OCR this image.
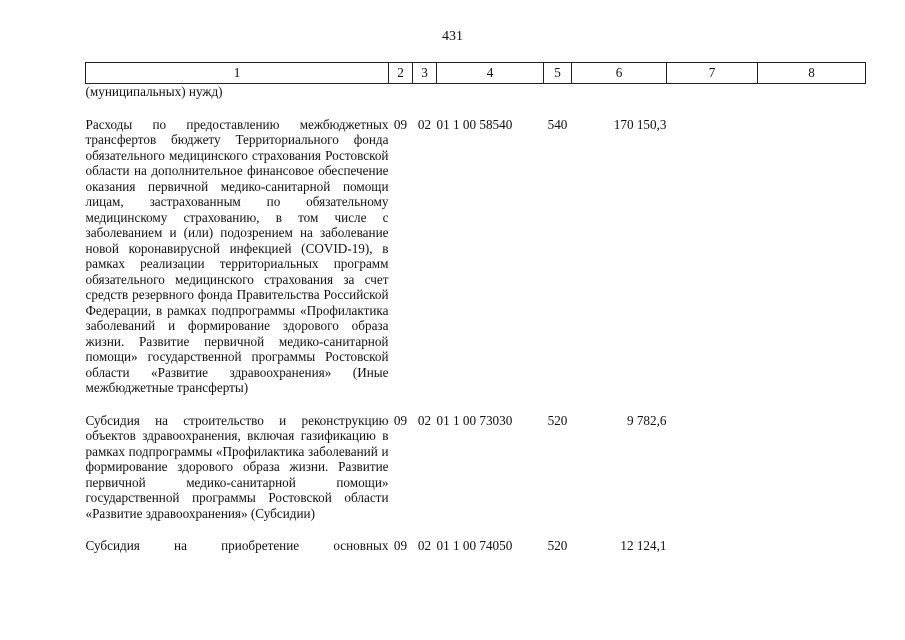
431
1	2	3	4	5	6	7	8
(муниципальных) нужд)							

Расходы по предоставлению межбюджетных трансфертов бюджету Территориального фонда обязательного медицинского страхования Ростовской области на дополнительное финансовое обеспечение оказания первичной медико-санитарной помощи лицам, застрахованным по обязательному медицинскому страхованию, в том числе с заболеванием и (или) подозрением на заболевание новой коронавирусной инфекцией (COVID-19), в рамках реализации территориальных программ обязательного медицинского страхования за счет средств резервного фонда Правительства Российской Федерации, в рамках подпрограммы «Профилактика заболеваний и формирование здорового образа жизни. Развитие первичной медико-санитарной помощи» государственной программы Ростовской области «Развитие здравоохранения» (Иные межбюджетные трансферты)	09	02	01 1 00 58540	540	170 150,3		

Субсидия на строительство и реконструкцию объектов здравоохранения, включая газификацию в рамках подпрограммы «Профилактика заболеваний и формирование здорового образа жизни. Развитие первичной медико-санитарной помощи» государственной программы Ростовской области «Развитие здравоохранения» (Субсидии)	09	02	01 1 00 73030	520	9 782,6		

Субсидия на приобретение основных	09	02	01 1 00 74050	520	12 124,1		
